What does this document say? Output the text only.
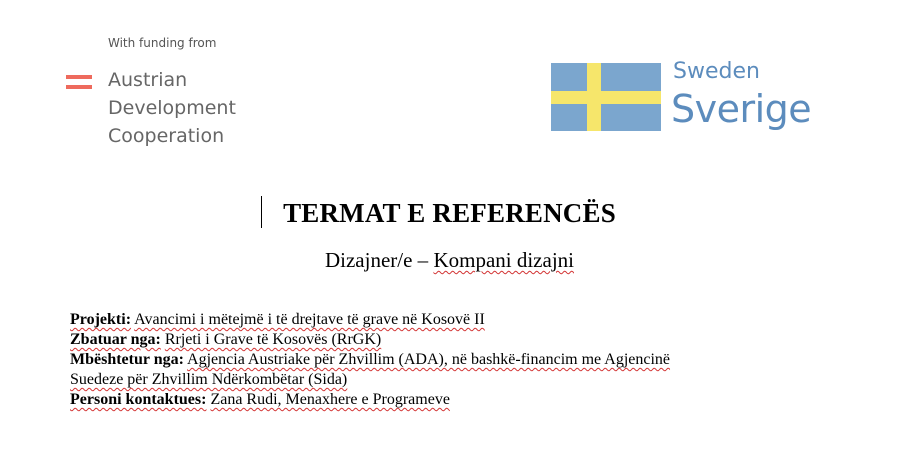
With funding from
Austrian
Development
Cooperation
Sweden
Sverige
TERMAT E REFERENCËS
Dizajner/e – Kompani dizajni
Projekti: Avancimi i mëtejmë i të drejtave të grave në Kosovë II
Zbatuar nga: Rrjeti i Grave të Kosovës (RrGK)
Mbështetur nga: Agjencia Austriake për Zhvillim (ADA), në bashkë-financim me Agjencinë
Suedeze për Zhvillim Ndërkombëtar (Sida)
Personi kontaktues: Zana Rudi, Menaxhere e Programeve
